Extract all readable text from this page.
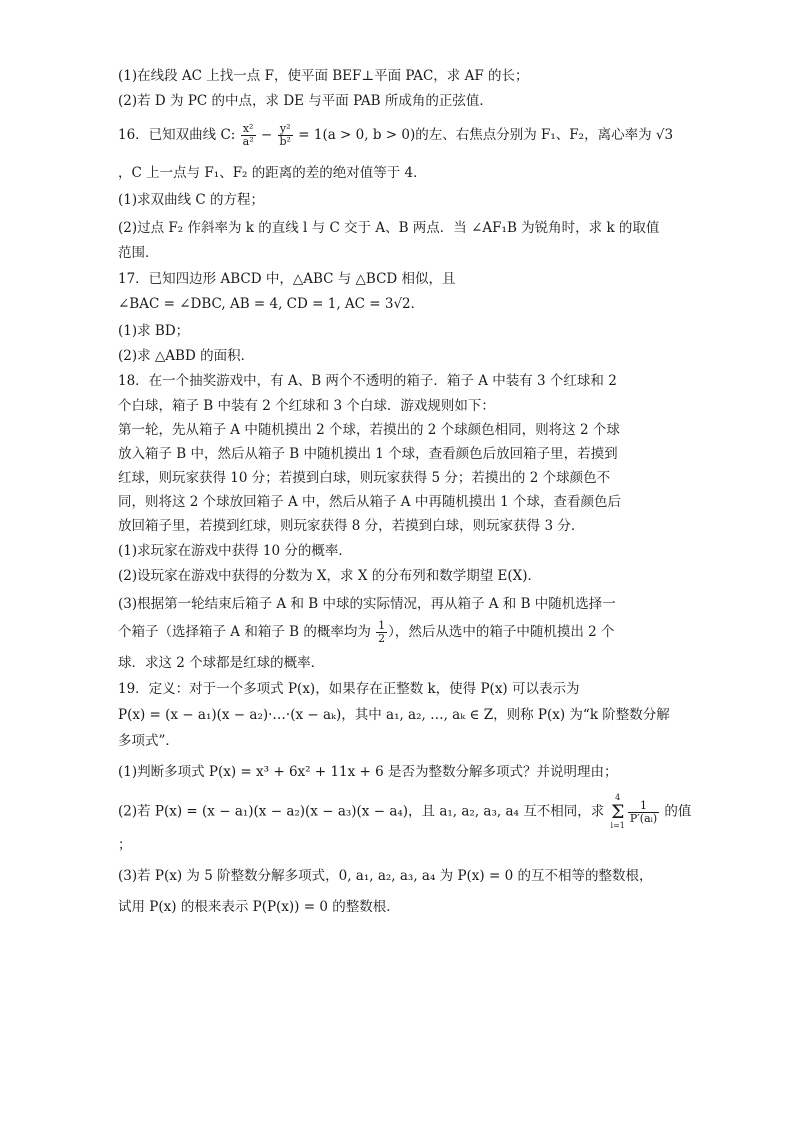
(1)在线段 AC 上找一点 F，使平面 BEF⊥平面 PAC，求 AF 的长；
(2)若 D 为 PC 的中点，求 DE 与平面 PAB 所成角的正弦值．
16．已知双曲线 C: $\frac{\text{x²}}{\text{a²}} - \frac{\text{y²}}{\text{b²}} = 1(a > 0$, b > 0)的左、右焦点分别为 F₁、F₂，离心率为 √3
，C 上一点与 F₁、F₂ 的距离的差的绝对值等于 4．
(1)求双曲线 C 的方程；
(2)过点 F₂ 作斜率为 k 的直线 l 与 C 交于 A、B 两点．当 ∠AF₁B 为锐角时，求 k 的取值
范围．
17．已知四边形 ABCD 中，△ABC 与 △BCD 相似，且
∠BAC = ∠DBC, AB = 4, CD = 1, AC = 3√2．
(1)求 BD；
(2)求 △ABD 的面积．
18．在一个抽奖游戏中，有 A、B 两个不透明的箱子．箱子 A 中装有 3 个红球和 2
个白球，箱子 B 中装有 2 个红球和 3 个白球．游戏规则如下：
第一轮，先从箱子 A 中随机摸出 2 个球，若摸出的 2 个球颜色相同，则将这 2 个球
放入箱子 B 中，然后从箱子 B 中随机摸出 1 个球，查看颜色后放回箱子里，若摸到
红球，则玩家获得 10 分；若摸到白球，则玩家获得 5 分；若摸出的 2 个球颜色不
同，则将这 2 个球放回箱子 A 中，然后从箱子 A 中再随机摸出 1 个球，查看颜色后
放回箱子里，若摸到红球，则玩家获得 8 分，若摸到白球，则玩家获得 3 分．
(1)求玩家在游戏中获得 10 分的概率．
(2)设玩家在游戏中获得的分数为 X，求 X 的分布列和数学期望 E(X)．
(3)根据第一轮结束后箱子 A 和 B 中球的实际情况，再从箱子 A 和 B 中随机选择一
个箱子（选择箱子 A 和箱子 B 的概率均为 $\frac{1}{2}$ ），然后从选中的箱子中随机摸出 2 个
球．求这 2 个球都是红球的概率．
19．定义：对于一个多项式 P(x)，如果存在正整数 k，使得 P(x) 可以表示为
P(x) = (x − a₁)(x − a₂)·…·(x − aₖ)，其中 a₁, a₂, …, aₖ ∈ Z，则称 P(x) 为“k 阶整数分解
多项式”．
(1)判断多项式 P(x) = x³ + 6x² + 11x + 6 是否为整数分解多项式？并说明理由；
(2)若 P(x) = (x − a₁)(x − a₂)(x − a₃)(x − a₄)，且 a₁, a₂, a₃, a₄ 互不相同，求
4
Σ
i=1
$\frac{1}{\text{P′(aᵢ)}}$ 的值
；
(3)若 P(x) 为 5 阶整数分解多项式，0, a₁, a₂, a₃, a₄ 为 P(x) = 0 的互不相等的整数根，
试用 P(x) 的根来表示 P(P(x)) = 0 的整数根．
